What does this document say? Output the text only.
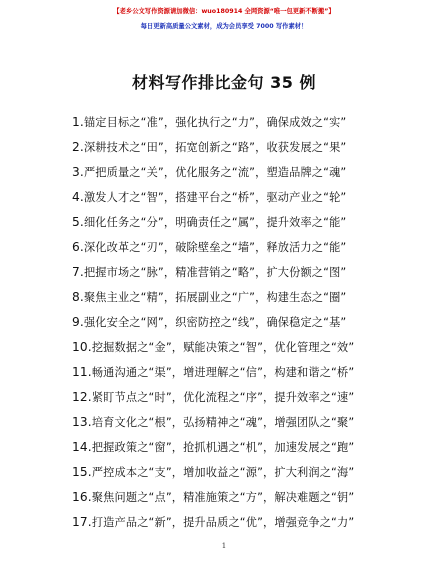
【老乡公文写作资源请加微信：wuo180914 全网资源“唯一包更新不断搬”】
每日更新高质量公文素材，成为会员享受 7000 写作素材！
材料写作排比金句 35 例
1.锚定目标之“准”，强化执行之“力”，确保成效之“实”
2.深耕技术之“田”，拓宽创新之“路”，收获发展之“果”
3.严把质量之“关”，优化服务之“流”，塑造品牌之“魂”
4.激发人才之“智”，搭建平台之“桥”，驱动产业之“轮”
5.细化任务之“分”，明确责任之“属”，提升效率之“能”
6.深化改革之“刃”，破除壁垒之“墙”，释放活力之“能”
7.把握市场之“脉”，精准营销之“略”，扩大份额之“图”
8.聚焦主业之“精”，拓展副业之“广”，构建生态之“圈”
9.强化安全之“网”，织密防控之“线”，确保稳定之“基”
10.挖掘数据之“金”，赋能决策之“智”，优化管理之“效”
11.畅通沟通之“渠”，增进理解之“信”，构建和谐之“桥”
12.紧盯节点之“时”，优化流程之“序”，提升效率之“速”
13.培育文化之“根”，弘扬精神之“魂”，增强团队之“聚”
14.把握政策之“窗”，抢抓机遇之“机”，加速发展之“跑”
15.严控成本之“支”，增加收益之“源”，扩大利润之“海”
16.聚焦问题之“点”，精准施策之“方”，解决难题之“钥”
17.打造产品之“新”，提升品质之“优”，增强竞争之“力”
1
